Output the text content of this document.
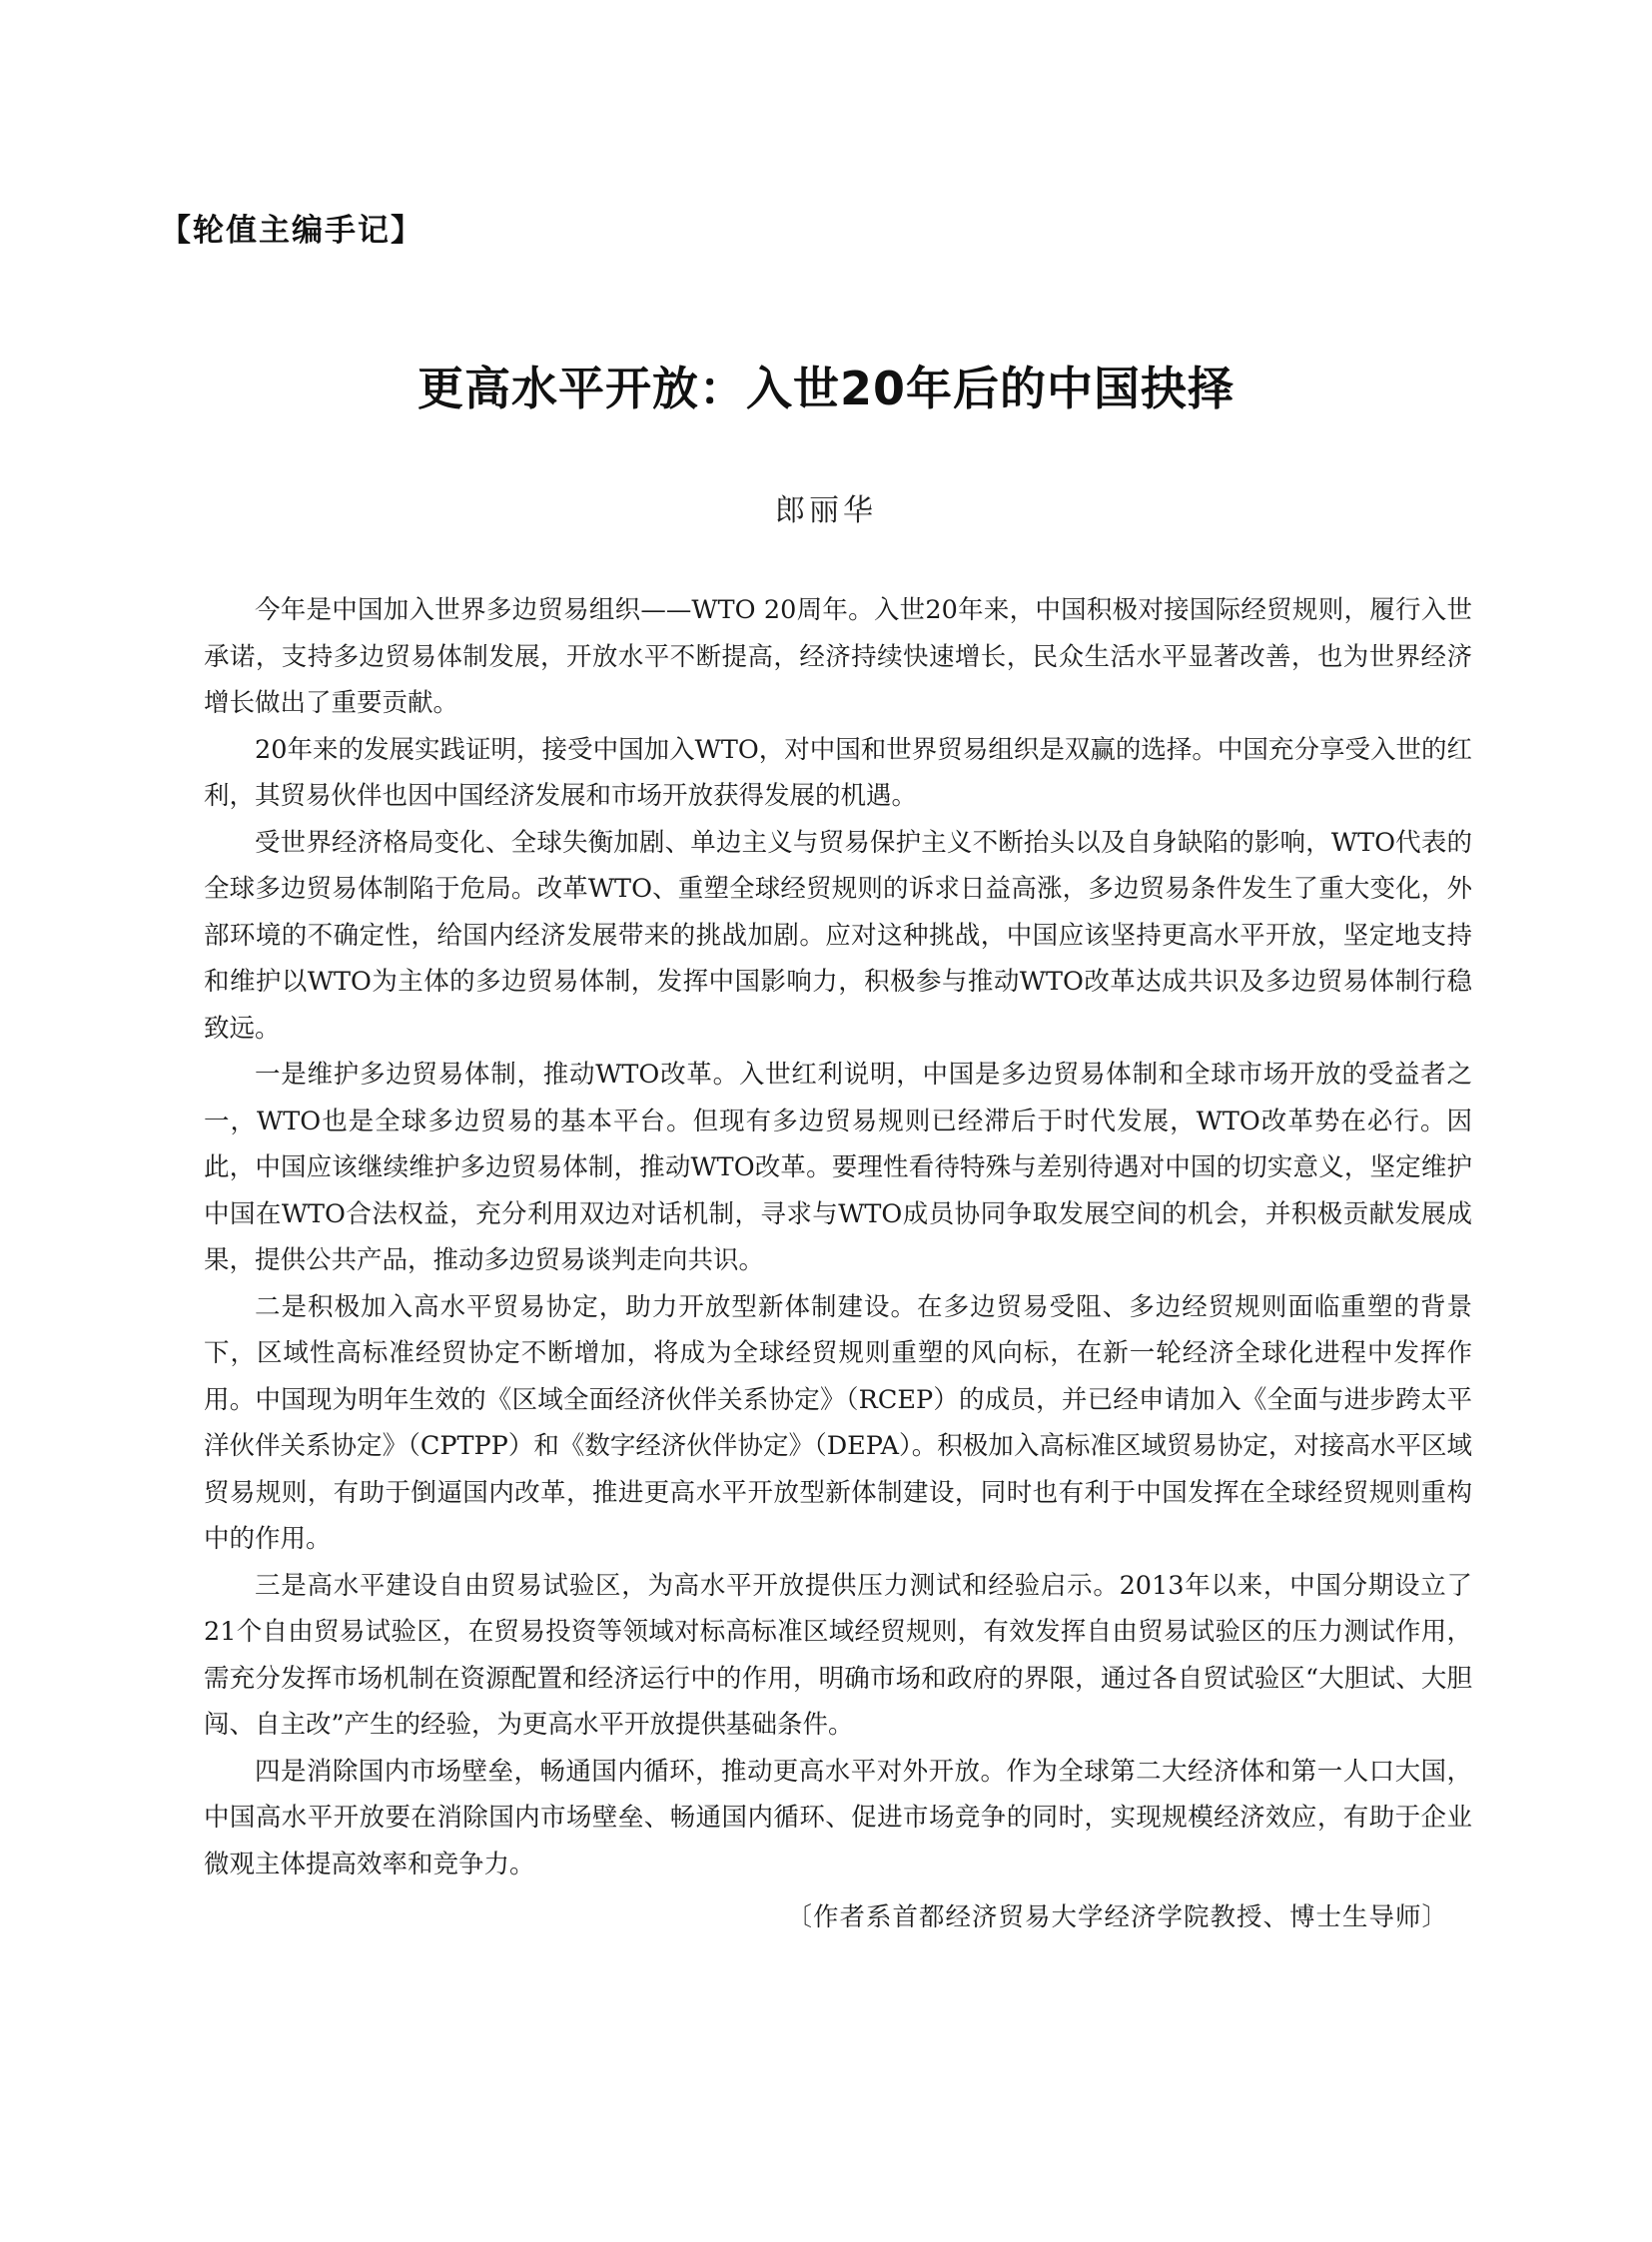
【轮值主编手记】

更高水平开放：入世20年后的中国抉择

郎丽华

今年是中国加入世界多边贸易组织——WTO 20周年。入世20年来，中国积极对接国际经贸规则，履行入世承诺，支持多边贸易体制发展，开放水平不断提高，经济持续快速增长，民众生活水平显著改善，也为世界经济增长做出了重要贡献。

20年来的发展实践证明，接受中国加入WTO，对中国和世界贸易组织是双赢的选择。中国充分享受入世的红利，其贸易伙伴也因中国经济发展和市场开放获得发展的机遇。

受世界经济格局变化、全球失衡加剧、单边主义与贸易保护主义不断抬头以及自身缺陷的影响，WTO代表的全球多边贸易体制陷于危局。改革WTO、重塑全球经贸规则的诉求日益高涨，多边贸易条件发生了重大变化，外部环境的不确定性，给国内经济发展带来的挑战加剧。应对这种挑战，中国应该坚持更高水平开放，坚定地支持和维护以WTO为主体的多边贸易体制，发挥中国影响力，积极参与推动WTO改革达成共识及多边贸易体制行稳致远。

一是维护多边贸易体制，推动WTO改革。入世红利说明，中国是多边贸易体制和全球市场开放的受益者之一，WTO也是全球多边贸易的基本平台。但现有多边贸易规则已经滞后于时代发展，WTO改革势在必行。因此，中国应该继续维护多边贸易体制，推动WTO改革。要理性看待特殊与差别待遇对中国的切实意义，坚定维护中国在WTO合法权益，充分利用双边对话机制，寻求与WTO成员协同争取发展空间的机会，并积极贡献发展成果，提供公共产品，推动多边贸易谈判走向共识。

二是积极加入高水平贸易协定，助力开放型新体制建设。在多边贸易受阻、多边经贸规则面临重塑的背景下，区域性高标准经贸协定不断增加，将成为全球经贸规则重塑的风向标，在新一轮经济全球化进程中发挥作用。中国现为明年生效的《区域全面经济伙伴关系协定》（RCEP）的成员，并已经申请加入《全面与进步跨太平洋伙伴关系协定》（CPTPP）和《数字经济伙伴协定》（DEPA）。积极加入高标准区域贸易协定，对接高水平区域贸易规则，有助于倒逼国内改革，推进更高水平开放型新体制建设，同时也有利于中国发挥在全球经贸规则重构中的作用。

三是高水平建设自由贸易试验区，为高水平开放提供压力测试和经验启示。2013年以来，中国分期设立了21个自由贸易试验区，在贸易投资等领域对标高标准区域经贸规则，有效发挥自由贸易试验区的压力测试作用，需充分发挥市场机制在资源配置和经济运行中的作用，明确市场和政府的界限，通过各自贸试验区“大胆试、大胆闯、自主改”产生的经验，为更高水平开放提供基础条件。

四是消除国内市场壁垒，畅通国内循环，推动更高水平对外开放。作为全球第二大经济体和第一人口大国，中国高水平开放要在消除国内市场壁垒、畅通国内循环、促进市场竞争的同时，实现规模经济效应，有助于企业微观主体提高效率和竞争力。

〔作者系首都经济贸易大学经济学院教授、博士生导师〕
